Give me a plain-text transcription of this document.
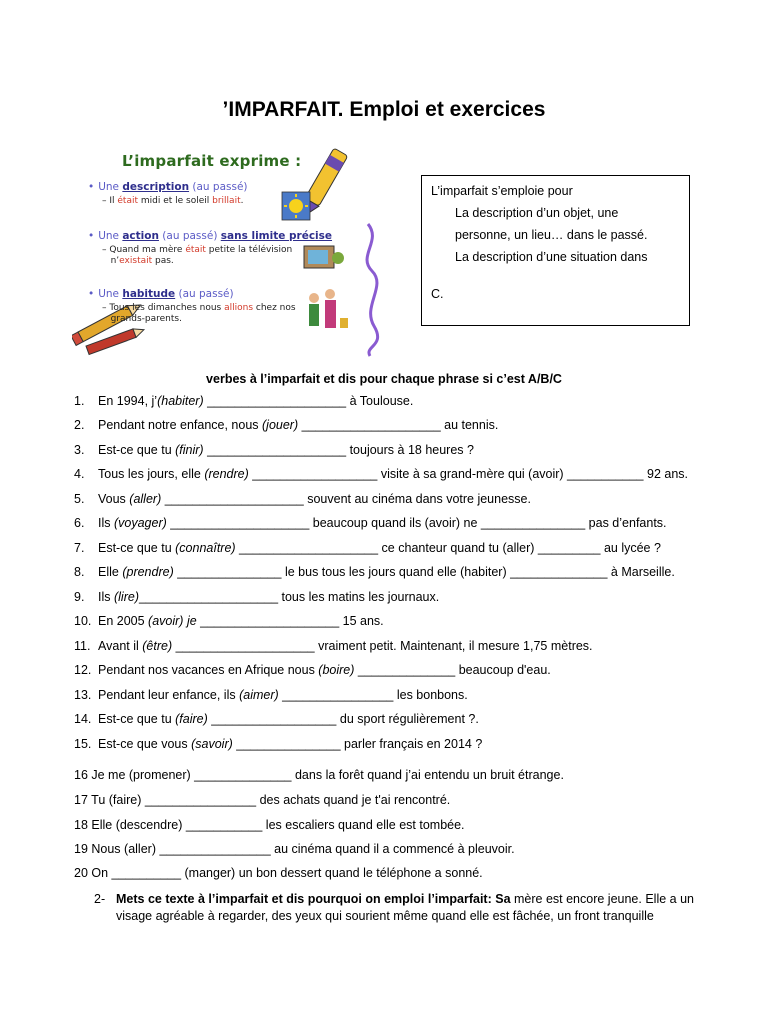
’IMPARFAIT. Emploi et exercices
L’imparfait exprime :
• Une description (au passé)
– Il était midi et le soleil brillait.
• Une action (au passé) sans limite précise
– Quand ma mère était petite la télévision
n’existait pas.
• Une habitude (au passé)
– Tous les dimanches nous allions chez nos
grands-parents.
L’imparfait s’emploie pour
La description d’un objet, une
personne, un lieu… dans le passé.
La description d’une situation dans
C.
verbes à l’imparfait et dis pour chaque phrase si c’est A/B/C
1. En 1994, j’(habiter) ____________________ à Toulouse.
2. Pendant notre enfance, nous (jouer) ____________________ au tennis.
3. Est-ce que tu (finir) ____________________ toujours à 18 heures ?
4. Tous les jours, elle (rendre) __________________ visite à sa grand-mère qui (avoir) ___________ 92 ans.
5. Vous (aller) ____________________ souvent au cinéma dans votre jeunesse.
6. Ils (voyager) ____________________ beaucoup quand ils (avoir) ne _______________ pas d’enfants.
7. Est-ce que tu (connaître) ____________________ ce chanteur quand tu (aller) _________ au lycée ?
8. Elle (prendre) _______________ le bus tous les jours quand elle (habiter) ______________ à Marseille.
9. Ils (lire)____________________ tous les matins les journaux.
10. En 2005 (avoir) je ____________________ 15 ans.
11. Avant il (être) ____________________ vraiment petit. Maintenant, il mesure 1,75 mètres.
12. Pendant nos vacances en Afrique nous (boire) ______________ beaucoup d'eau.
13. Pendant leur enfance, ils (aimer) ________________ les bonbons.
14. Est-ce que tu (faire) __________________ du sport régulièrement ?.
15. Est-ce que vous (savoir) _______________ parler français en 2014 ?
16 Je me (promener) ______________ dans la forêt quand j’ai entendu un bruit étrange.
17 Tu (faire) ________________ des achats quand je t'ai rencontré.
18 Elle (descendre) ___________ les escaliers quand elle est tombée.
19 Nous (aller) ________________ au cinéma quand il a commencé à pleuvoir.
20 On __________ (manger) un bon dessert quand le téléphone a sonné.
2- Mets ce texte à l’imparfait et dis pourquoi on emploi l’imparfait: Sa mère est encore jeune. Elle a un visage agréable à regarder, des yeux qui sourient même quand elle est fâchée, un front tranquille
